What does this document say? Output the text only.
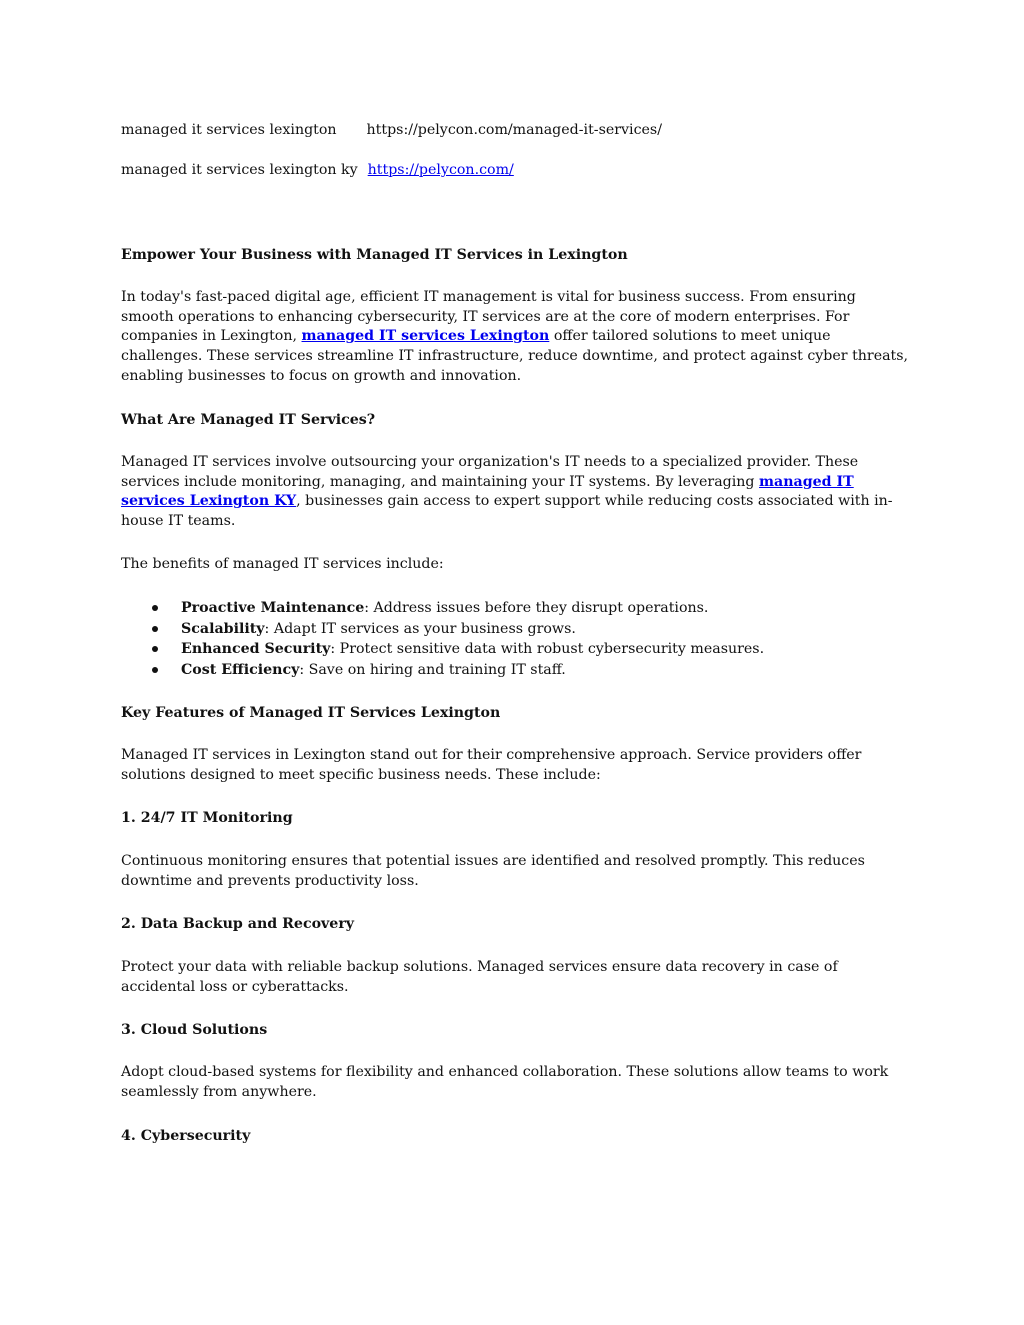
managed it services lexington https://pelycon.com/managed-it-services/
managed it services lexington ky https://pelycon.com/
Empower Your Business with Managed IT Services in Lexington
In today's fast-paced digital age, efficient IT management is vital for business success. From ensuring smooth operations to enhancing cybersecurity, IT services are at the core of modern enterprises. For companies in Lexington, managed IT services Lexington offer tailored solutions to meet unique challenges. These services streamline IT infrastructure, reduce downtime, and protect against cyber threats, enabling businesses to focus on growth and innovation.
What Are Managed IT Services?
Managed IT services involve outsourcing your organization's IT needs to a specialized provider. These services include monitoring, managing, and maintaining your IT systems. By leveraging managed IT services Lexington KY, businesses gain access to expert support while reducing costs associated with in-house IT teams.
The benefits of managed IT services include:
Proactive Maintenance: Address issues before they disrupt operations.
Scalability: Adapt IT services as your business grows.
Enhanced Security: Protect sensitive data with robust cybersecurity measures.
Cost Efficiency: Save on hiring and training IT staff.
Key Features of Managed IT Services Lexington
Managed IT services in Lexington stand out for their comprehensive approach. Service providers offer solutions designed to meet specific business needs. These include:
1. 24/7 IT Monitoring
Continuous monitoring ensures that potential issues are identified and resolved promptly. This reduces downtime and prevents productivity loss.
2. Data Backup and Recovery
Protect your data with reliable backup solutions. Managed services ensure data recovery in case of accidental loss or cyberattacks.
3. Cloud Solutions
Adopt cloud-based systems for flexibility and enhanced collaboration. These solutions allow teams to work seamlessly from anywhere.
4. Cybersecurity
